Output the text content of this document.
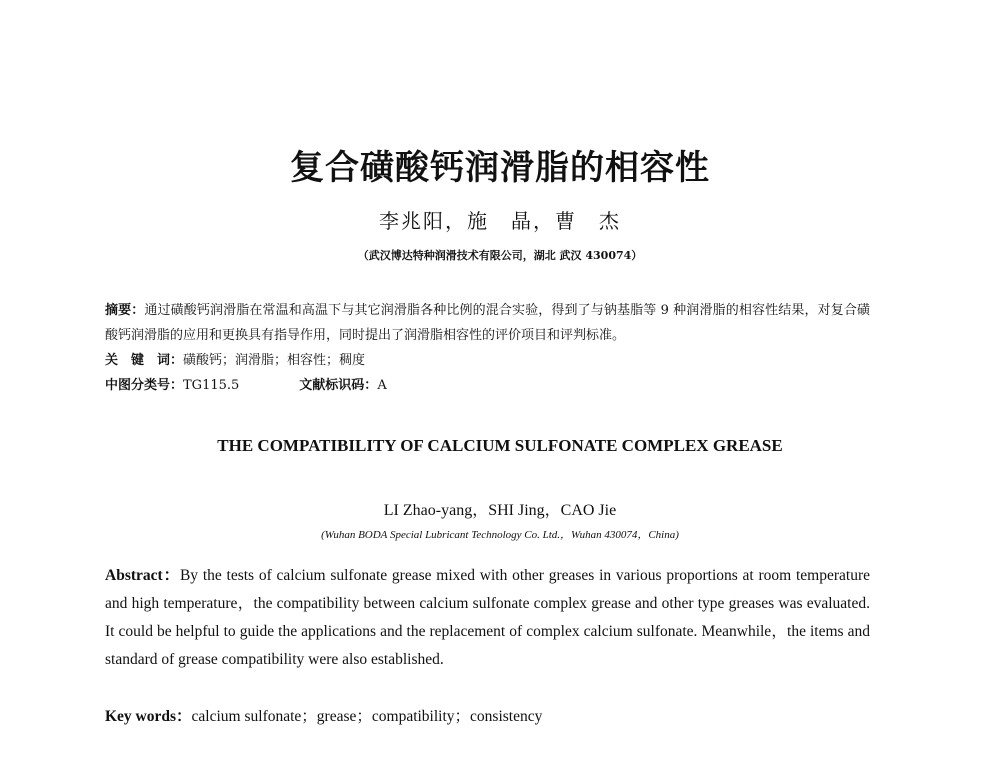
复合磺酸钙润滑脂的相容性
李兆阳，施　晶，曹　杰
（武汉博达特种润滑技术有限公司，湖北 武汉 430074）
摘要：通过磺酸钙润滑脂在常温和高温下与其它润滑脂各种比例的混合实验，得到了与钠基脂等 9 种润滑脂的相容性结果，对复合磺酸钙润滑脂的应用和更换具有指导作用，同时提出了润滑脂相容性的评价项目和评判标准。
关　键　词：磺酸钙；润滑脂；相容性；稠度
中图分类号：TG115.5	文献标识码：A
THE COMPATIBILITY OF CALCIUM SULFONATE COMPLEX GREASE
LI Zhao-yang，SHI Jing，CAO Jie
(Wuhan BODA Special Lubricant Technology Co. Ltd.，Wuhan 430074，China)
Abstract：By the tests of calcium sulfonate grease mixed with other greases in various proportions at room temperature and high temperature，the compatibility between calcium sulfonate complex grease and other type greases was evaluated. It could be helpful to guide the applications and the replacement of complex calcium sulfonate. Meanwhile，the items and standard of grease compatibility were also established.
Key words：calcium sulfonate；grease；compatibility；consistency
